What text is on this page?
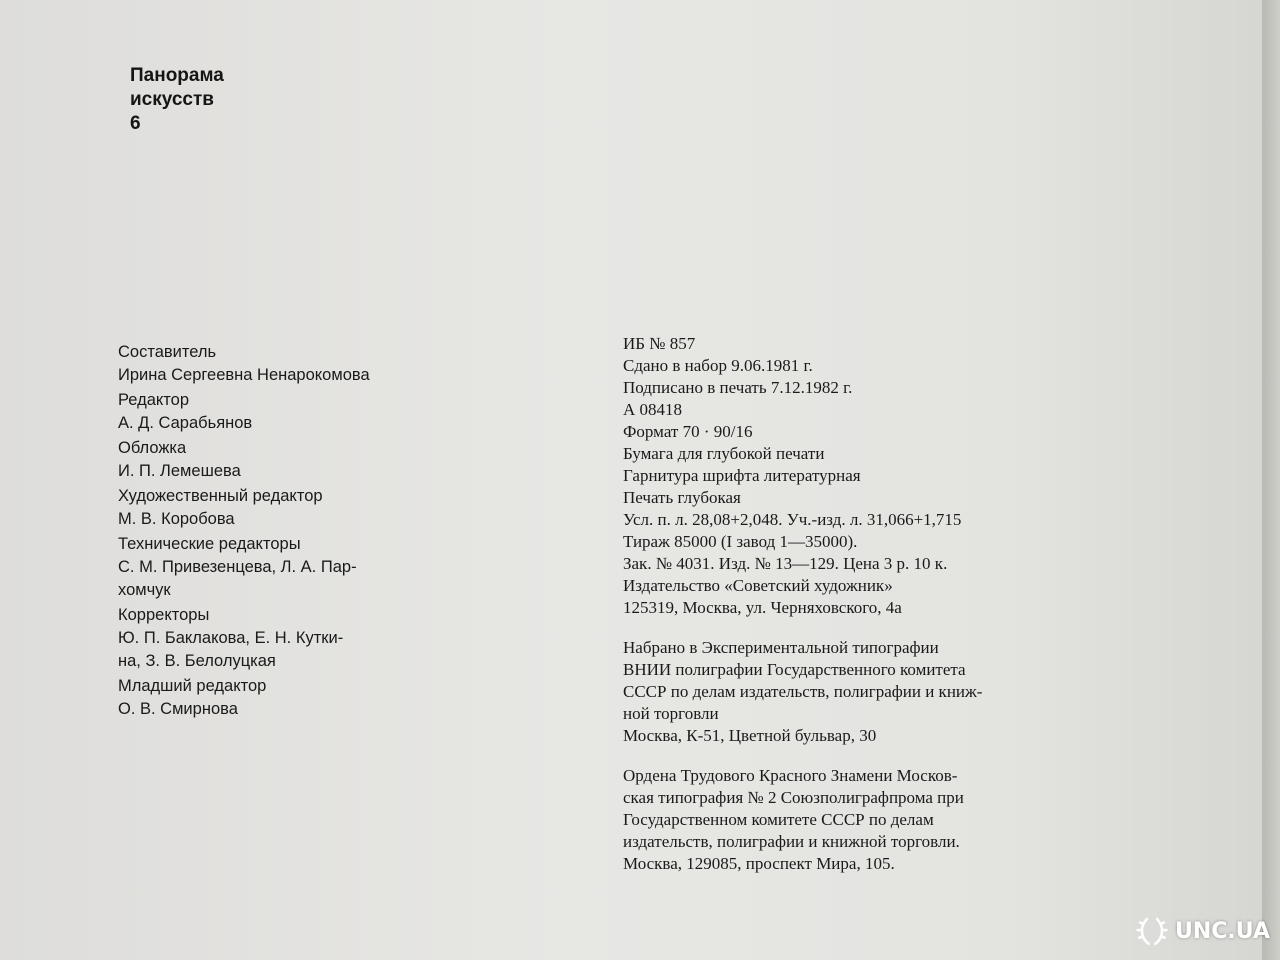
Панорама
искусств
6
Составитель
Ирина Сергеевна Ненарокомова
Редактор
А. Д. Сарабьянов
Обложка
И. П. Лемешева
Художественный редактор
М. В. Коробова
Технические редакторы
С. М. Привезенцева, Л. А. Пар-
хомчук
Корректоры
Ю. П. Баклакова, Е. Н. Кутки-
на, З. В. Белолуцкая
Младший редактор
О. В. Смирнова
ИБ № 857
Сдано в набор 9.06.1981 г.
Подписано в печать 7.12.1982 г.
А 08418
Формат 70 · 90/16
Бумага для глубокой печати
Гарнитура шрифта литературная
Печать глубокая
Усл. п. л. 28,08+2,048. Уч.-изд. л. 31,066+1,715
Тираж 85000 (I завод 1—35000).
Зак. № 4031. Изд. № 13—129. Цена 3 р. 10 к.
Издательство «Советский художник»
125319, Москва, ул. Черняховского, 4а
Набрано в Экспериментальной типографии
ВНИИ полиграфии Государственного комитета
СССР по делам издательств, полиграфии и книж-
ной торговли
Москва, К-51, Цветной бульвар, 30
Ордена Трудового Красного Знамени Москов-
ская типография № 2 Союзполиграфпрома при
Государственном комитете СССР по делам
издательств, полиграфии и книжной торговли.
Москва, 129085, проспект Мира, 105.
UNC.UA
